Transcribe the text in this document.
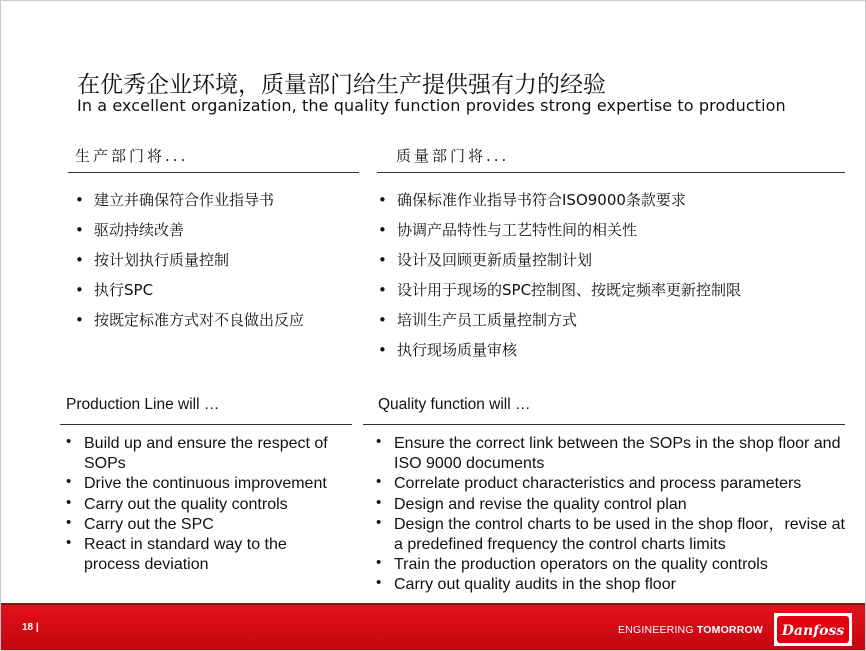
在优秀企业环境，质量部门给生产提供强有力的经验
In a excellent organization, the quality function provides strong expertise to production
生产部门将...	质量部门将...
• 建立并确保符合作业指导书
• 驱动持续改善
• 按计划执行质量控制
• 执行SPC
• 按既定标准方式对不良做出反应
• 确保标准作业指导书符合ISO9000条款要求
• 协调产品特性与工艺特性间的相关性
• 设计及回顾更新质量控制计划
• 设计用于现场的SPC控制图、按既定频率更新控制限
• 培训生产员工质量控制方式
• 执行现场质量审核
Production Line will …	Quality function will …
• Build up and ensure the respect of SOPs
• Drive the continuous improvement
• Carry out the quality controls
• Carry out the SPC
• React in standard way to the process deviation
• Ensure the correct link between the SOPs in the shop floor and ISO 9000 documents
• Correlate product characteristics and process parameters
• Design and revise the quality control plan
• Design the control charts to be used in the shop floor，revise at a predefined frequency the control charts limits
• Train the production operators on the quality controls
• Carry out quality audits in the shop floor
18 |	ENGINEERING TOMORROW Danfoss
